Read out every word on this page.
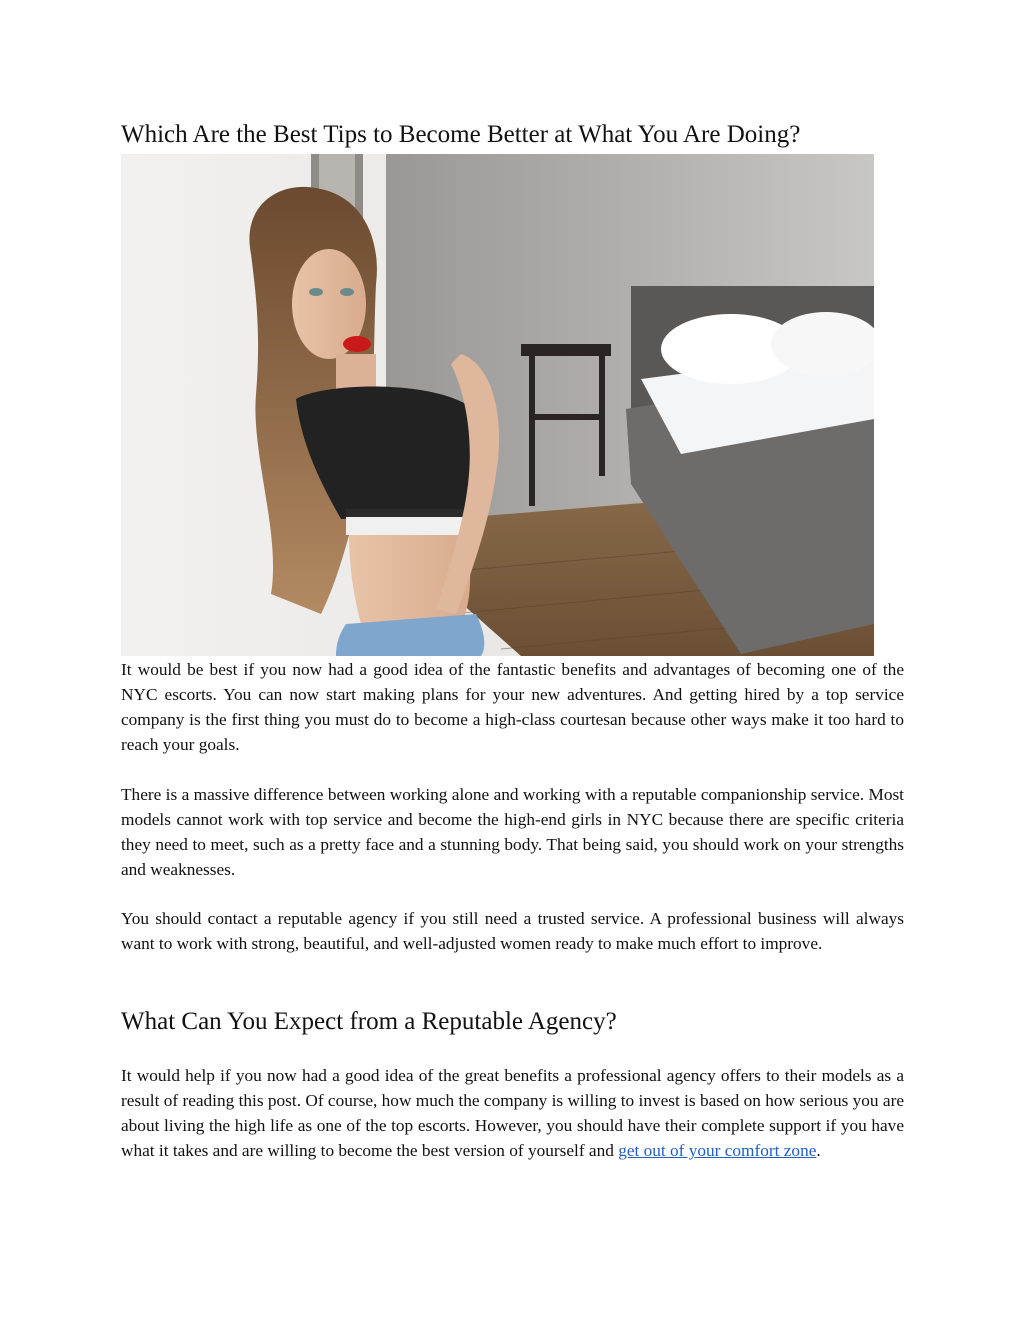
Which Are the Best Tips to Become Better at What You Are Doing?

It would be best if you now had a good idea of the fantastic benefits and advantages of becoming one of the NYC escorts. You can now start making plans for your new adventures. And getting hired by a top service company is the first thing you must do to become a high-class courtesan because other ways make it too hard to reach your goals.

There is a massive difference between working alone and working with a reputable companionship service. Most models cannot work with top service and become the high-end girls in NYC because there are specific criteria they need to meet, such as a pretty face and a stunning body. That being said, you should work on your strengths and weaknesses.

You should contact a reputable agency if you still need a trusted service. A professional business will always want to work with strong, beautiful, and well-adjusted women ready to make much effort to improve.

What Can You Expect from a Reputable Agency?

It would help if you now had a good idea of the great benefits a professional agency offers to their models as a result of reading this post. Of course, how much the company is willing to invest is based on how serious you are about living the high life as one of the top escorts. However, you should have their complete support if you have what it takes and are willing to become the best version of yourself and get out of your comfort zone.
